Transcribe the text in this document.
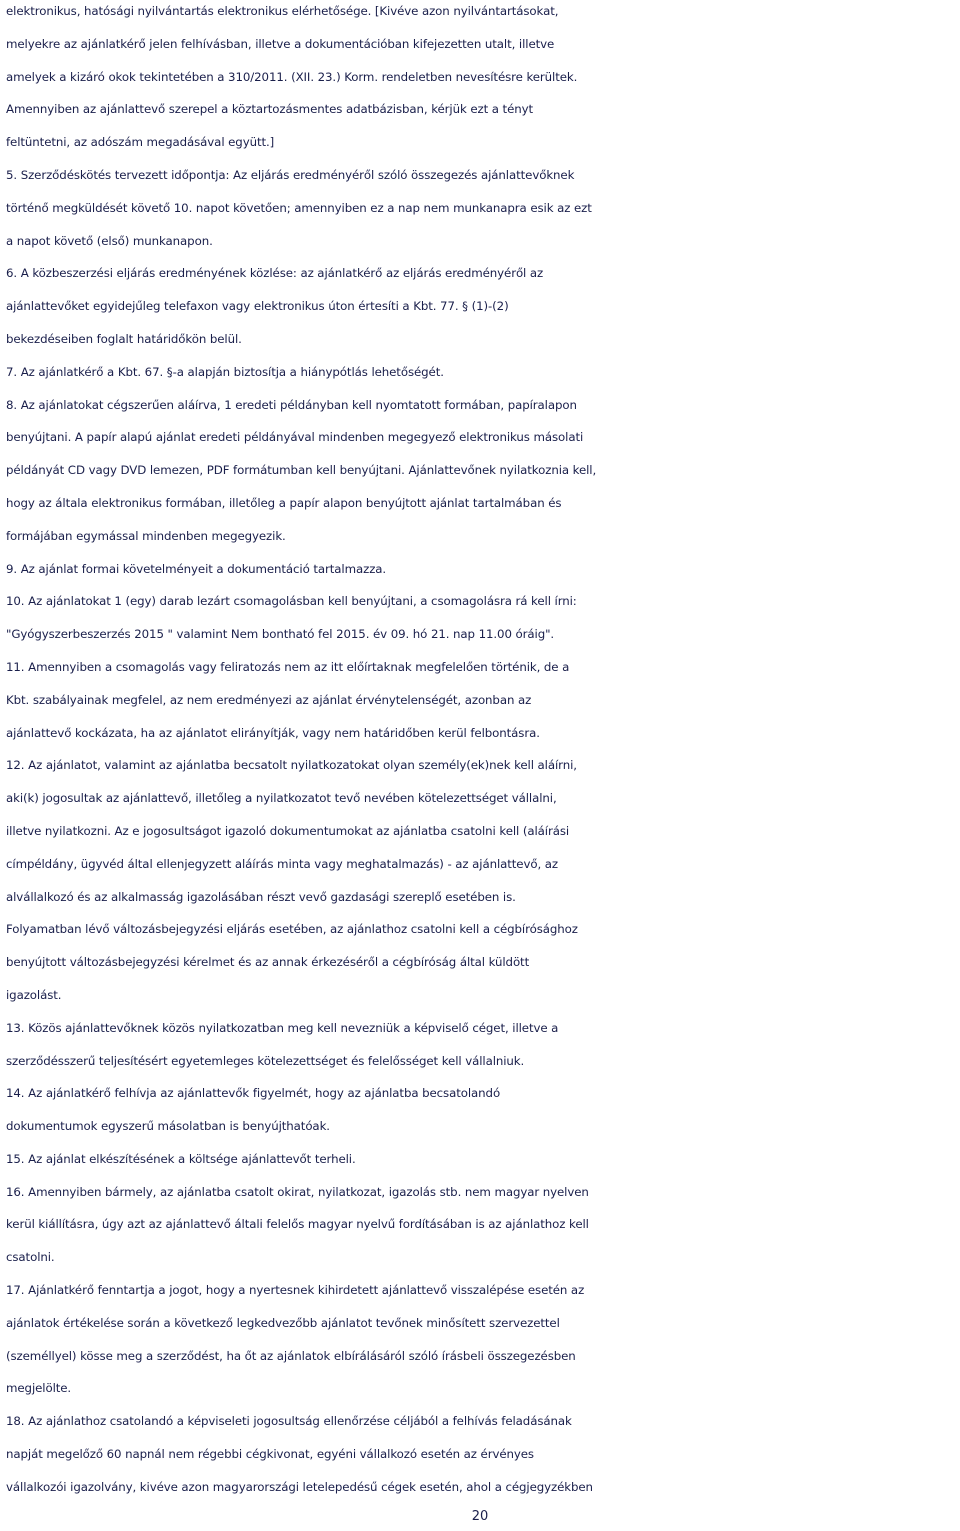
elektronikus, hatósági nyilvántartás elektronikus elérhetősége. [Kivéve azon nyilvántartásokat,
melyekre az ajánlatkérő jelen felhívásban, illetve a dokumentációban kifejezetten utalt, illetve
amelyek a kizáró okok tekintetében a 310/2011. (XII. 23.) Korm. rendeletben nevesítésre kerültek.
Amennyiben az ajánlattevő szerepel a köztartozásmentes adatbázisban, kérjük ezt a tényt
feltüntetni, az adószám megadásával együtt.]
5. Szerződéskötés tervezett időpontja: Az eljárás eredményéről szóló összegezés ajánlattevőknek
történő megküldését követő 10. napot követően; amennyiben ez a nap nem munkanapra esik az ezt
a napot követő (első) munkanapon.
6. A közbeszerzési eljárás eredményének közlése: az ajánlatkérő az eljárás eredményéről az
ajánlattevőket egyidejűleg telefaxon vagy elektronikus úton értesíti a Kbt. 77. § (1)-(2)
bekezdéseiben foglalt határidőkön belül.
7. Az ajánlatkérő a Kbt. 67. §-a alapján biztosítja a hiánypótlás lehetőségét.
8. Az ajánlatokat cégszerűen aláírva, 1 eredeti példányban kell nyomtatott formában, papíralapon
benyújtani. A papír alapú ajánlat eredeti példányával mindenben megegyező elektronikus másolati
példányát CD vagy DVD lemezen, PDF formátumban kell benyújtani. Ajánlattevőnek nyilatkoznia kell,
hogy az általa elektronikus formában, illetőleg a papír alapon benyújtott ajánlat tartalmában és
formájában egymással mindenben megegyezik.
9. Az ajánlat formai követelményeit a dokumentáció tartalmazza.
10. Az ajánlatokat 1 (egy) darab lezárt csomagolásban kell benyújtani, a csomagolásra rá kell írni:
"Gyógyszerbeszerzés 2015 " valamint Nem bontható fel 2015. év 09. hó 21. nap 11.00 óráig".
11. Amennyiben a csomagolás vagy feliratozás nem az itt előírtaknak megfelelően történik, de a
Kbt. szabályainak megfelel, az nem eredményezi az ajánlat érvénytelenségét, azonban az
ajánlattevő kockázata, ha az ajánlatot elirányítják, vagy nem határidőben kerül felbontásra.
12. Az ajánlatot, valamint az ajánlatba becsatolt nyilatkozatokat olyan személy(ek)nek kell aláírni,
aki(k) jogosultak az ajánlattevő, illetőleg a nyilatkozatot tevő nevében kötelezettséget vállalni,
illetve nyilatkozni. Az e jogosultságot igazoló dokumentumokat az ajánlatba csatolni kell (aláírási
címpéldány, ügyvéd által ellenjegyzett aláírás minta vagy meghatalmazás) - az ajánlattevő, az
alvállalkozó és az alkalmasság igazolásában részt vevő gazdasági szereplő esetében is.
Folyamatban lévő változásbejegyzési eljárás esetében, az ajánlathoz csatolni kell a cégbírósághoz
benyújtott változásbejegyzési kérelmet és az annak érkezéséről a cégbíróság által küldött
igazolást.
13. Közös ajánlattevőknek közös nyilatkozatban meg kell nevezniük a képviselő céget, illetve a
szerződésszerű teljesítésért egyetemleges kötelezettséget és felelősséget kell vállalniuk.
14. Az ajánlatkérő felhívja az ajánlattevők figyelmét, hogy az ajánlatba becsatolandó
dokumentumok egyszerű másolatban is benyújthatóak.
15. Az ajánlat elkészítésének a költsége ajánlattevőt terheli.
16. Amennyiben bármely, az ajánlatba csatolt okirat, nyilatkozat, igazolás stb. nem magyar nyelven
kerül kiállításra, úgy azt az ajánlattevő általi felelős magyar nyelvű fordításában is az ajánlathoz kell
csatolni.
17. Ajánlatkérő fenntartja a jogot, hogy a nyertesnek kihirdetett ajánlattevő visszalépése esetén az
ajánlatok értékelése során a következő legkedvezőbb ajánlatot tevőnek minősített szervezettel
(személlyel) kösse meg a szerződést, ha őt az ajánlatok elbírálásáról szóló írásbeli összegezésben
megjelölte.
18. Az ajánlathoz csatolandó a képviseleti jogosultság ellenőrzése céljából a felhívás feladásának
napját megelőző 60 napnál nem régebbi cégkivonat, egyéni vállalkozó esetén az érvényes
vállalkozói igazolvány, kivéve azon magyarországi letelepedésű cégek esetén, ahol a cégjegyzékben
20
